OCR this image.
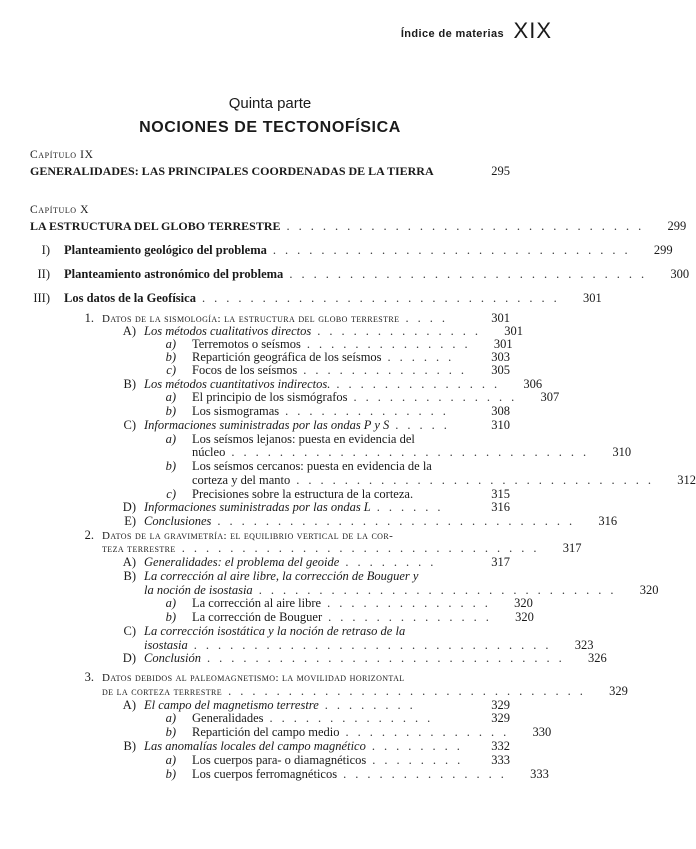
Índice de materias XIX
Quinta parte
NOCIONES DE TECTONOFÍSICA
Capítulo IX
GENERALIDADES: LAS PRINCIPALES COORDENADAS DE LA TIERRA	295
Capítulo X
LA ESTRUCTURA DEL GLOBO TERRESTRE ..............................	299
I)	Planteamiento geológico del problema ..............................	299
II)	Planteamiento astronómico del problema ..............................	300
III)	Los datos de la Geofísica ..............................	301
1. Datos de la sismología: la estructura del globo terrestre ....	301
A) Los métodos cualitativos directos ..............	301
a)	Terremotos o seísmos ..............	301
b)	Repartición geográfica de los seísmos ......	303
c)	Focos de los seísmos ..............	305
B) Los métodos cuantitativos indirectos. ..............	306
a)	El principio de los sismógrafos ..............	307
b)	Los sismogramas ..............	308
C) Informaciones suministradas por las ondas P y S .....	310
a)	Los seísmos lejanos: puesta en evidencia del
núcleo ..............................	310
b)	Los seísmos cercanos: puesta en evidencia de la
corteza y del manto ..............................	312
c)	Precisiones sobre la estructura de la corteza.	315
D) Informaciones suministradas por las ondas L ......	316
E) Conclusiones ..............................	316
2. Datos de la gravimetría: el equilibrio vertical de la cor-
teza terrestre ..............................	317
A) Generalidades: el problema del geoide ........	317
B) La corrección al aire libre, la corrección de Bouguer y
la noción de isostasia ..............................	320
a)	La corrección al aire libre ..............	320
b)	La corrección de Bouguer ..............	320
C) La corrección isostática y la noción de retraso de la
isostasia ..............................	323
D) Conclusión ..............................	326
3. Datos debidos al paleomagnetismo: la movilidad horizontal
de la corteza terrestre ..............................	329
A) El campo del magnetismo terrestre ........	329
a)	Generalidades ..............	329
b)	Repartición del campo medio ..............	330
B) Las anomalías locales del campo magnético ........	332
a)	Los cuerpos para- o diamagnéticos ........	333
b)	Los cuerpos ferromagnéticos ..............	333
